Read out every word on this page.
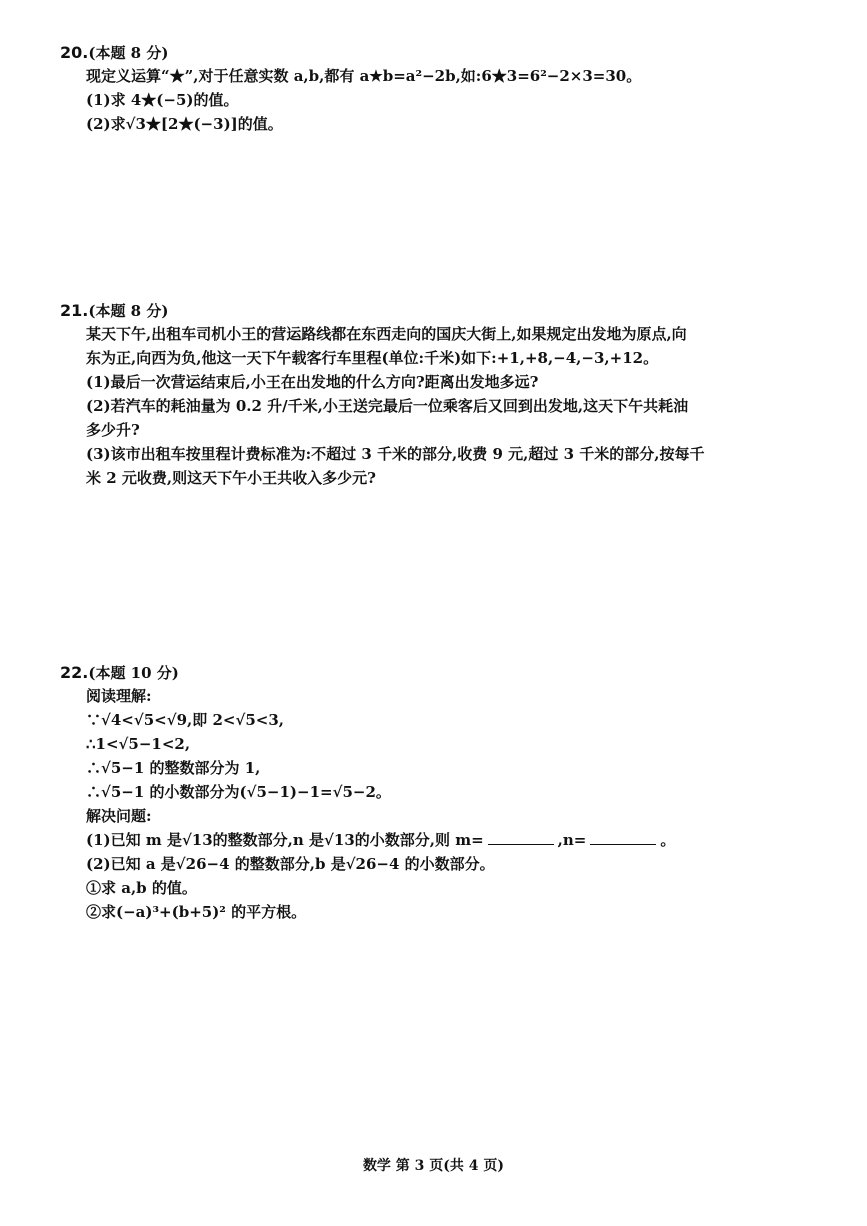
20.(本题 8 分)

现定义运算“★”,对于任意实数 a,b,都有 a★b=a²−2b,如:6★3=6²−2×3=30。

(1)求 4★(−5)的值。

(2)求√3★[2★(−3)]的值。

21.(本题 8 分)

某天下午,出租车司机小王的营运路线都在东西走向的国庆大街上,如果规定出发地为原点,向

东为正,向西为负,他这一天下午载客行车里程(单位:千米)如下:+1,+8,−4,−3,+12。

(1)最后一次营运结束后,小王在出发地的什么方向?距离出发地多远?

(2)若汽车的耗油量为 0.2 升/千米,小王送完最后一位乘客后又回到出发地,这天下午共耗油

多少升?

(3)该市出租车按里程计费标准为:不超过 3 千米的部分,收费 9 元,超过 3 千米的部分,按每千

米 2 元收费,则这天下午小王共收入多少元?

22.(本题 10 分)

阅读理解:

∵√4<√5<√9,即 2<√5<3,

∴1<√5−1<2,

∴√5−1 的整数部分为 1,

∴√5−1 的小数部分为(√5−1)−1=√5−2。

解决问题:

(1)已知 m 是√13的整数部分,n 是√13的小数部分,则 m=	,n=	。

(2)已知 a 是√26−4 的整数部分,b 是√26−4 的小数部分。

①求 a,b 的值。

②求(−a)³+(b+5)² 的平方根。

数学 第 3 页(共 4 页)
